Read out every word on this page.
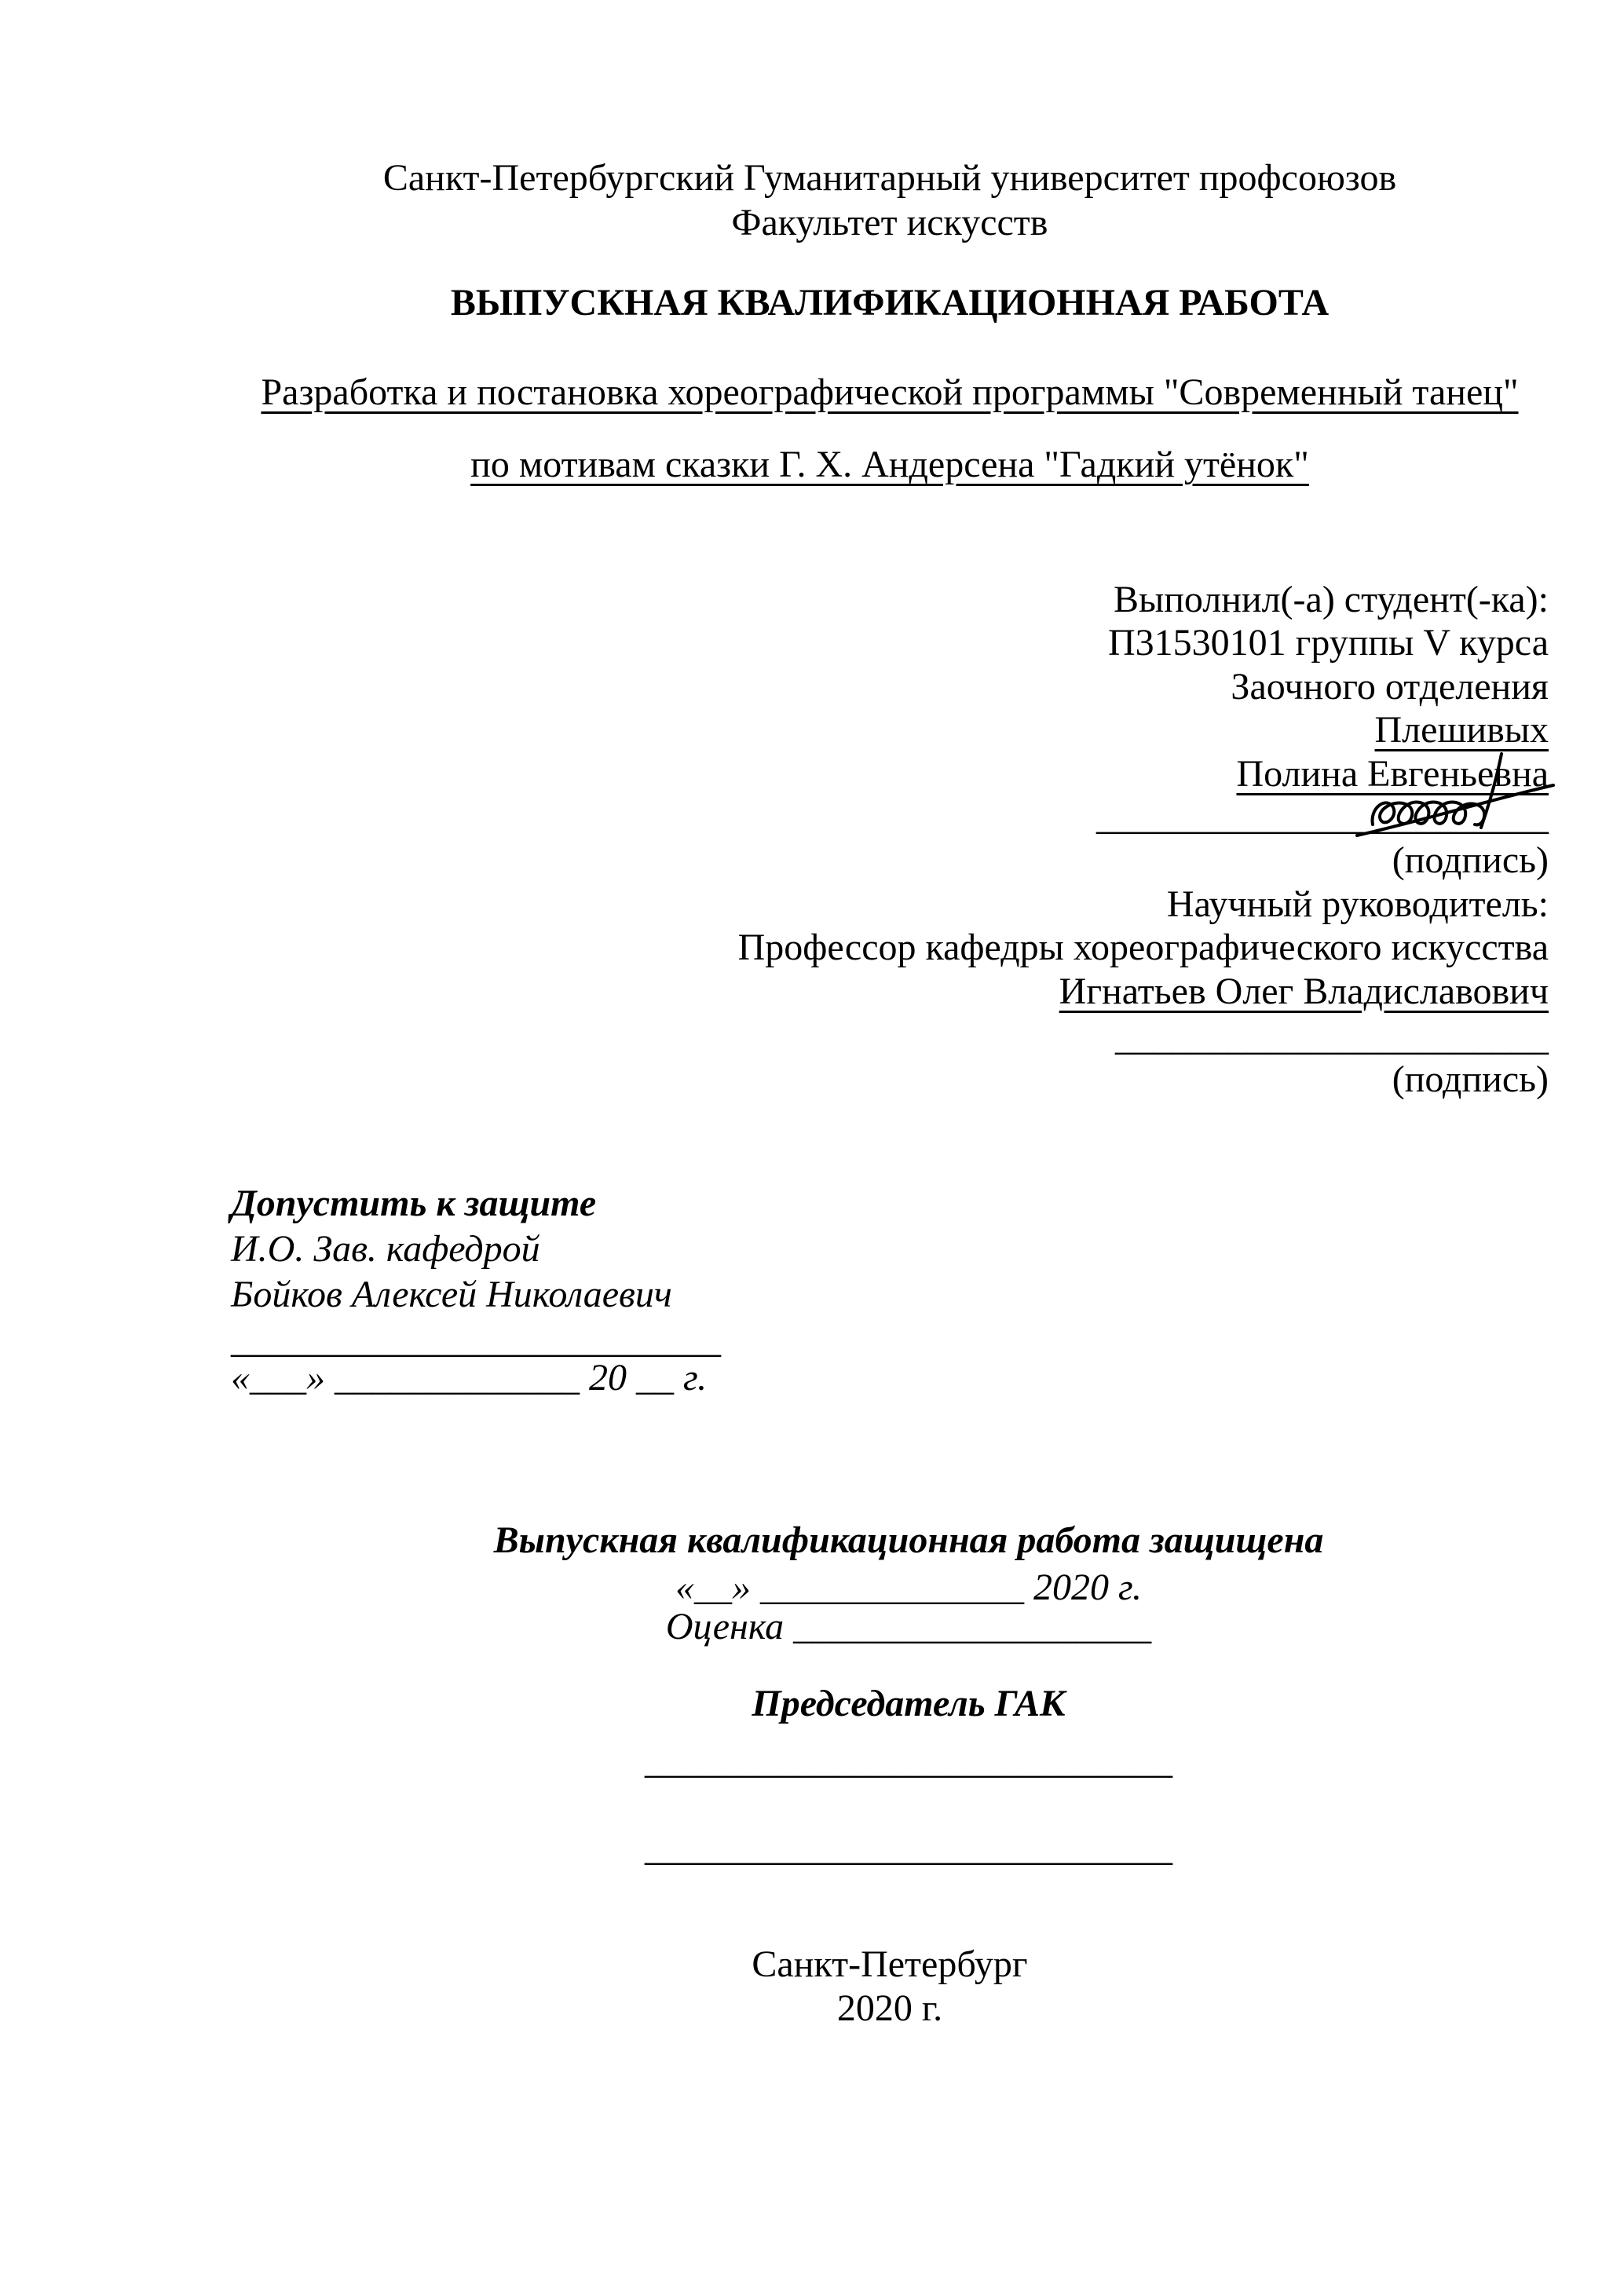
Санкт-Петербургский Гуманитарный университет профсоюзов
Факультет искусств
ВЫПУСКНАЯ КВАЛИФИКАЦИОННАЯ РАБОТА
Разработка и постановка хореографической программы "Современный танец"
по мотивам сказки Г. Х. Андерсена "Гадкий утёнок"
Выполнил(-а) студент(-ка):
П31530101 группы V курса
Заочного отделения
Плешивых
Полина Евгеньевна
________________________
(подпись)
Научный руководитель:
Профессор кафедры хореографического искусства
Игнатьев Олег Владиславович
_______________________
(подпись)
Допустить к защите
И.О. Зав. кафедрой
Бойков Алексей Николаевич
__________________________
«___» _____________ 20 __ г.
Выпускная квалификационная работа защищена
«__» ______________ 2020 г.
Оценка ___________________
Председатель ГАК
____________________________
____________________________
Санкт-Петербург
2020 г.
